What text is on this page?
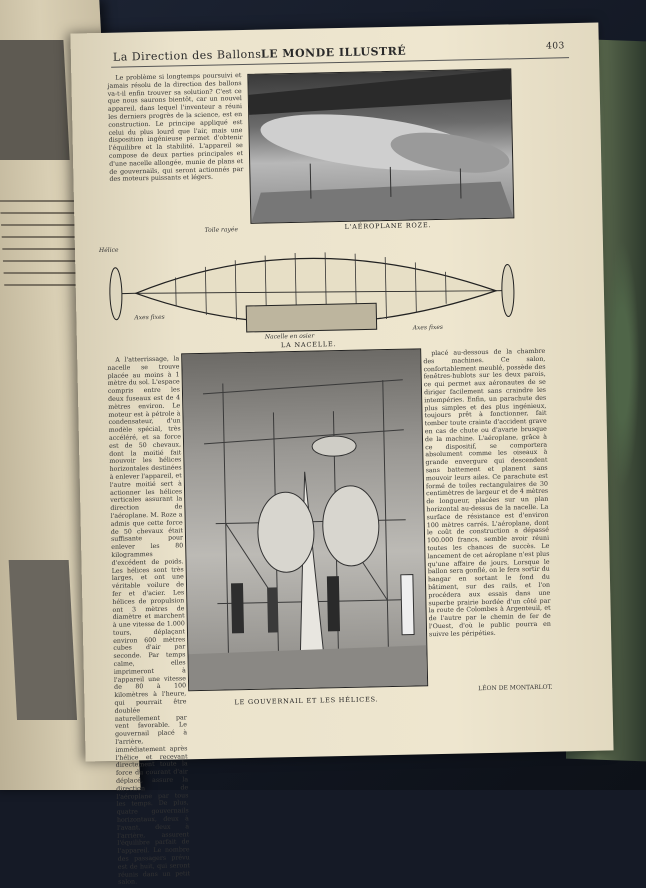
La Direction des Ballons LE MONDE ILLUSTRÉ	403

Le problème si longtemps poursuivi et jamais résolu de la direction des ballons va-t-il enfin trouver sa solution? C'est ce que nous saurons bientôt, car un nouvel appareil, dans lequel l'inventeur a réuni les derniers progrès de la science, est en construction. Le principe appliqué est celui du plus lourd que l'air, mais une disposition ingénieuse permet d'obtenir l'équilibre et la stabilité. L'appareil se compose de deux parties principales et d'une nacelle allongée, munie de plans et de gouvernails, qui seront actionnés par des moteurs puissants et légers.

L'AÉROPLANE ROZE.
Toile rayée
Hélice
Axes fixes
Axes fixes
Nacelle en osier
LA NACELLE.

A l'atterrissage, la nacelle se trouve placée au moins à 1 mètre du sol. L'espace compris entre les deux fuseaux est de 4 mètres environ. Le moteur est à pétrole à condensateur, d'un modèle spécial, très accéléré, et sa force est de 50 chevaux, dont la moitié fait mouvoir les hélices horizontales destinées à enlever l'appareil, et l'autre moitié sert à actionner les hélices verticales assurant la direction de l'aéroplane. M. Roze a admis que cette force de 50 chevaux était suffisante pour enlever les 80 kilogrammes d'excédent de poids. Les hélices sont très larges, et ont une véritable voilure de fer et d'acier. Les hélices de propulsion ont 3 mètres de diamètre et marchent à une vitesse de 1.000 tours, déplaçant environ 600 mètres cubes d'air par seconde. Par temps calme, elles imprimeront à l'appareil une vitesse de 80 à 100 kilomètres à l'heure, qui pourrait être doublée naturellement par vent favorable. Le gouvernail placé à l'arrière, immédiatement après l'hélice et recevant directement toute la force du courant d'air déplacé, assure la direction de l'aéroplane par tous les temps. De plus, quatre gouvernails horizontaux, deux à l'avant, deux à l'arrière, assurent l'équilibre parfait de l'appareil. Le nombre des passagers prévu est de huit, qui seront réunis dans un petit salon.

LE GOUVERNAIL ET LES HÉLICES.

placé au-dessous de la chambre des machines. Ce salon, confortablement meublé, possède des fenêtres-hublots sur les deux parois, ce qui permet aux aéronautes de se diriger facilement sans craindre les intempéries. Enfin, un parachute des plus simples et des plus ingénieux, toujours prêt à fonctionner, fait tomber toute crainte d'accident grave en cas de chute ou d'avarie brusque de la machine. L'aéroplane, grâce à ce dispositif, se comportera absolument comme les oiseaux à grande envergure qui descendent sans battement et planent sans mouvoir leurs ailes. Ce parachute est formé de toiles rectangulaires de 30 centimètres de largeur et de 4 mètres de longueur, placées sur un plan horizontal au-dessus de la nacelle. La surface de résistance est d'environ 100 mètres carrés. L'aéroplane, dont le coût de construction a dépassé 100.000 francs, semble avoir réuni toutes les chances de succès. Le lancement de cet aéroplane n'est plus qu'une affaire de jours. Lorsque le ballon sera gonflé, on le fera sortir du hangar en sortant le fond du bâtiment, sur des rails, et l'on procédera aux essais dans une superbe prairie bordée d'un côté par la route de Colombes à Argenteuil, et de l'autre par le chemin de fer de l'Ouest, d'où le public pourra en suivre les péripéties.

LÉON DE MONTARLOT.
